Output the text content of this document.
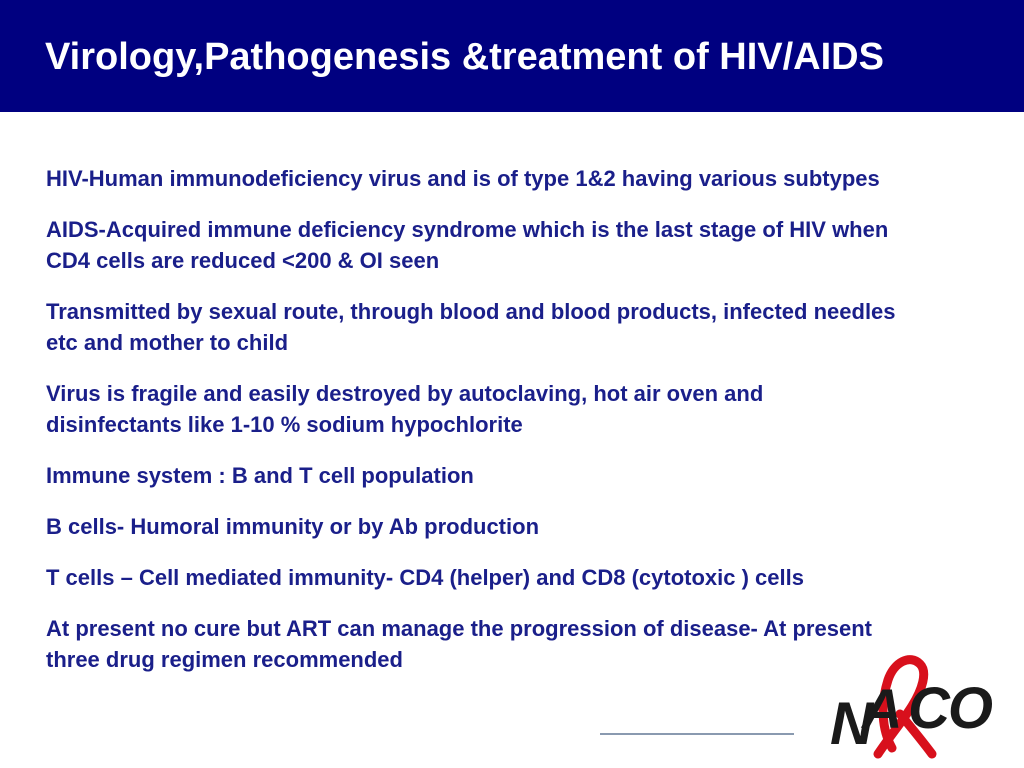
Virology,Pathogenesis &treatment of HIV/AIDS

HIV-Human immunodeficiency virus and is of type 1&2 having various subtypes

AIDS-Acquired immune deficiency syndrome which is the last stage of HIV when CD4 cells are reduced <200 & OI seen

Transmitted by sexual route, through blood and blood products, infected needles etc and mother to child

Virus is fragile and easily destroyed by autoclaving, hot air oven and disinfectants like 1-10 % sodium hypochlorite

Immune system : B and T cell population

B cells- Humoral immunity or by Ab production

T cells – Cell mediated immunity- CD4 (helper) and CD8 (cytotoxic ) cells

At present no cure but ART can manage the progression of disease- At present three drug regimen recommended

N
A CO
